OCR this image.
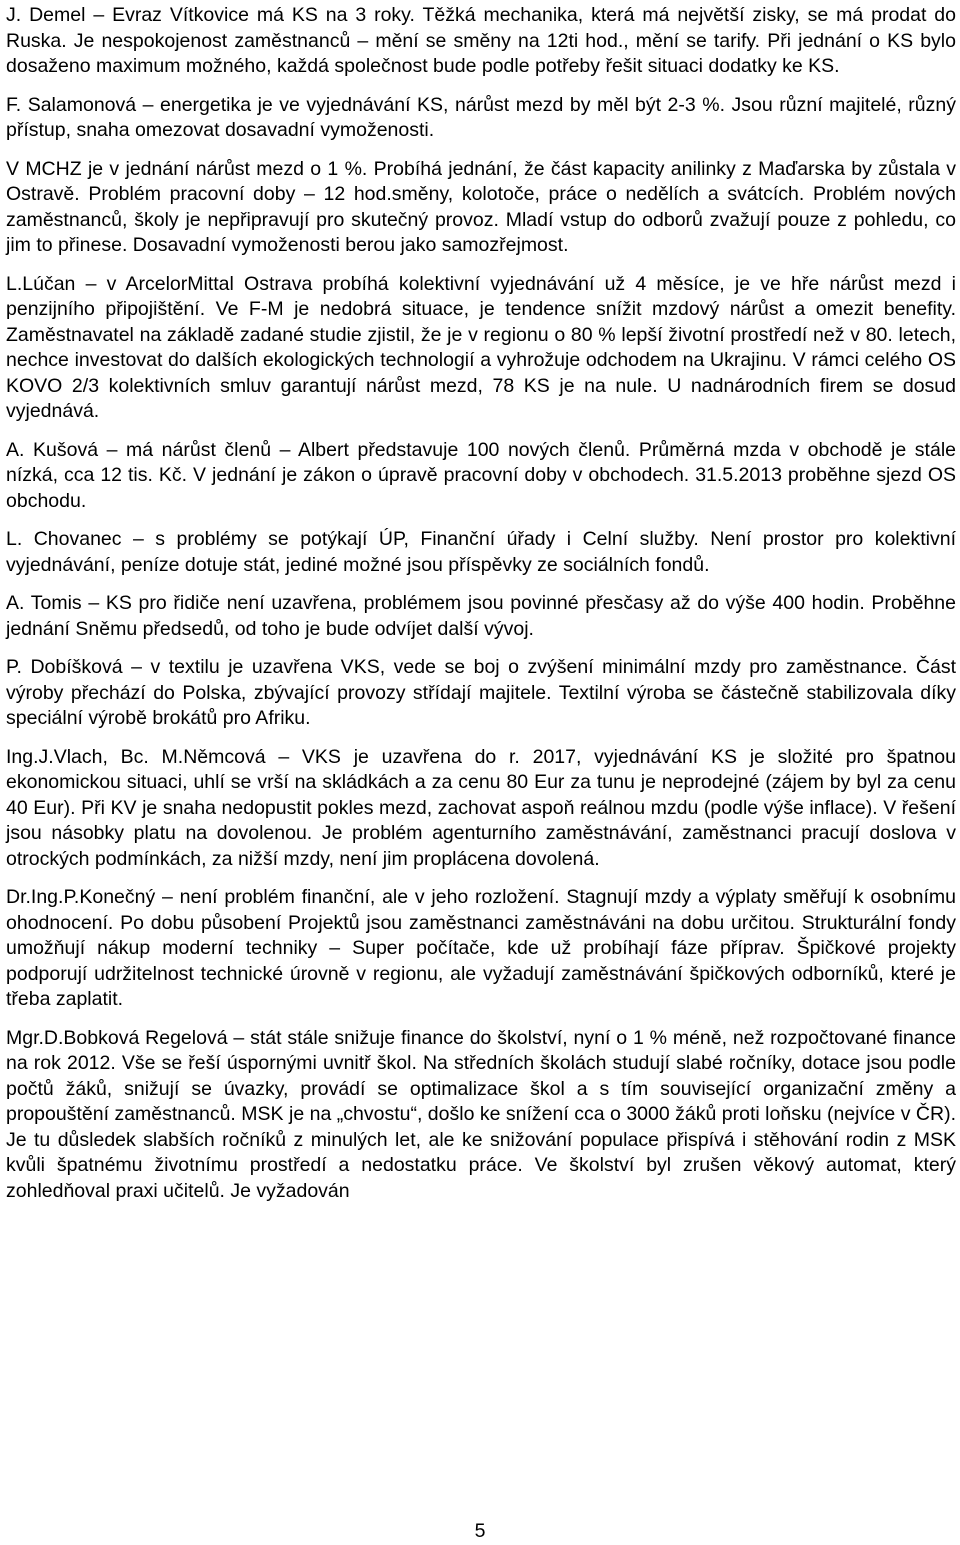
J. Demel – Evraz Vítkovice má KS na 3 roky. Těžká mechanika, která má největší zisky, se má prodat do Ruska. Je nespokojenost zaměstnanců – mění se směny na 12ti hod., mění se tarify. Při jednání o KS bylo dosaženo maximum možného, každá společnost bude podle potřeby řešit situaci dodatky ke KS.

F. Salamonová – energetika je ve vyjednávání KS, nárůst mezd by měl být 2-3 %. Jsou různí majitelé, různý přístup, snaha omezovat dosavadní vymoženosti.

V MCHZ je v jednání nárůst mezd o 1 %. Probíhá jednání, že část kapacity anilinky z Maďarska by zůstala v Ostravě. Problém pracovní doby – 12 hod.směny, kolotoče, práce o nedělích a svátcích. Problém nových zaměstnanců, školy je nepřipravují pro skutečný provoz. Mladí vstup do odborů zvažují pouze z pohledu, co jim to přinese. Dosavadní vymoženosti berou jako samozřejmost.

L.Lúčan – v ArcelorMittal Ostrava probíhá kolektivní vyjednávání už 4 měsíce, je ve hře nárůst mezd i penzijního připojištění. Ve F-M je nedobrá situace, je tendence snížit mzdový nárůst a omezit benefity. Zaměstnavatel na základě zadané studie zjistil, že je v regionu o 80 % lepší životní prostředí než v 80. letech, nechce investovat do dalších ekologických technologií a vyhrožuje odchodem na Ukrajinu. V rámci celého OS KOVO 2/3 kolektivních smluv garantují nárůst mezd, 78 KS je na nule. U nadnárodních firem se dosud vyjednává.

A. Kušová – má nárůst členů – Albert představuje 100 nových členů. Průměrná mzda v obchodě je stále nízká, cca 12 tis. Kč. V jednání je zákon o úpravě pracovní doby v obchodech. 31.5.2013 proběhne sjezd OS obchodu.

L. Chovanec – s problémy se potýkají ÚP, Finanční úřady i Celní služby. Není prostor pro kolektivní vyjednávání, peníze dotuje stát, jediné možné jsou příspěvky ze sociálních fondů.

A. Tomis – KS pro řidiče není uzavřena, problémem jsou povinné přesčasy až do výše 400 hodin. Proběhne jednání Sněmu předsedů, od toho je bude odvíjet další vývoj.

P. Dobíšková – v textilu je uzavřena VKS, vede se boj o zvýšení minimální mzdy pro zaměstnance. Část výroby přechází do Polska, zbývající provozy střídají majitele. Textilní výroba se částečně stabilizovala díky speciální výrobě brokátů pro Afriku.

Ing.J.Vlach, Bc. M.Němcová – VKS je uzavřena do r. 2017, vyjednávání KS je složité pro špatnou ekonomickou situaci, uhlí se vrší na skládkách a za cenu 80 Eur za tunu je neprodejné (zájem by byl za cenu 40 Eur). Při KV je snaha nedopustit pokles mezd, zachovat aspoň reálnou mzdu (podle výše inflace). V řešení jsou násobky platu na dovolenou. Je problém agenturního zaměstnávání, zaměstnanci pracují doslova v otrockých podmínkách, za nižší mzdy, není jim proplácena dovolená.

Dr.Ing.P.Konečný – není problém finanční, ale v jeho rozložení. Stagnují mzdy a výplaty směřují k osobnímu ohodnocení. Po dobu působení Projektů jsou zaměstnanci zaměstnáváni na dobu určitou. Strukturální fondy umožňují nákup moderní techniky – Super počítače, kde už probíhají fáze příprav. Špičkové projekty podporují udržitelnost technické úrovně v regionu, ale vyžadují zaměstnávání špičkových odborníků, které je třeba zaplatit.

Mgr.D.Bobková Regelová – stát stále snižuje finance do školství, nyní o 1 % méně, než rozpočtované finance na rok 2012. Vše se řeší úspornými uvnitř škol. Na středních školách studují slabé ročníky, dotace jsou podle počtů žáků, snižují se úvazky, provádí se optimalizace škol a s tím související organizační změny a propouštění zaměstnanců. MSK je na „chvostu“, došlo ke snížení cca o 3000 žáků proti loňsku (nejvíce v ČR). Je tu důsledek slabších ročníků z minulých let, ale ke snižování populace přispívá i stěhování rodin z MSK kvůli špatnému životnímu prostředí a nedostatku práce. Ve školství byl zrušen věkový automat, který zohledňoval praxi učitelů. Je vyžadován

5
